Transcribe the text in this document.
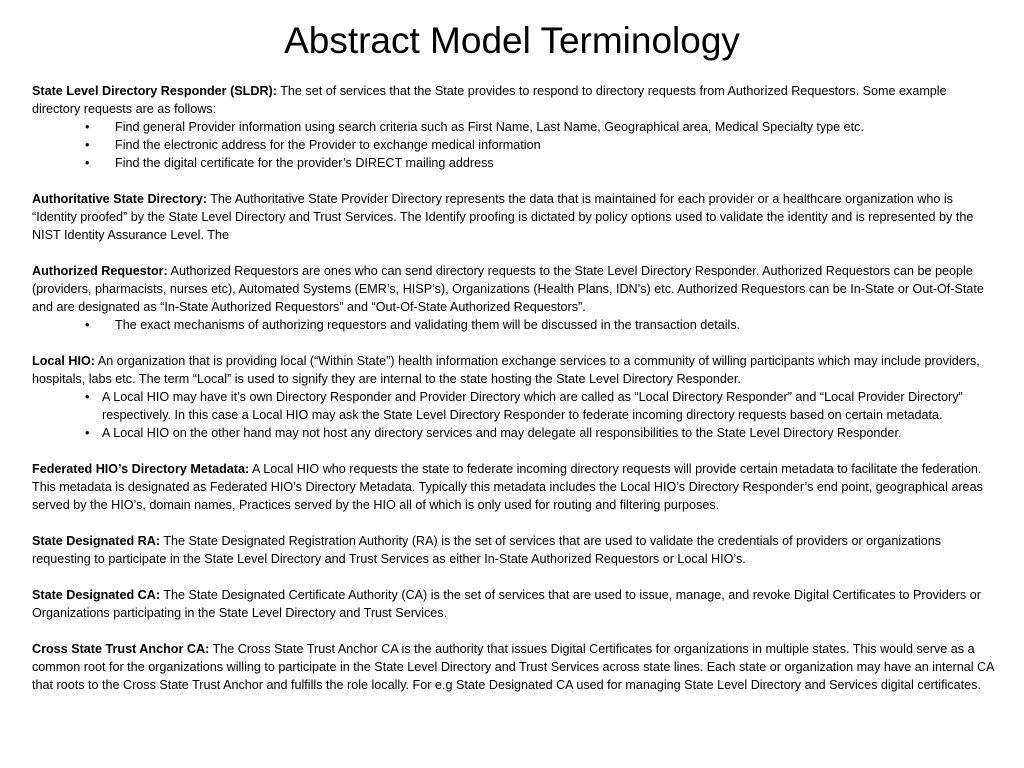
Abstract Model Terminology

State Level Directory Responder (SLDR): The set of services that the State provides to respond to directory requests from Authorized Requestors. Some example directory requests are as follows:

• Find general Provider information using search criteria such as First Name, Last Name, Geographical area, Medical Specialty type etc.
• Find the electronic address for the Provider to exchange medical information
• Find the digital certificate for the provider’s DIRECT mailing address

Authoritative State Directory: The Authoritative State Provider Directory represents the data that is maintained for each provider or a healthcare organization who is “Identity proofed” by the State Level Directory and Trust Services. The Identify proofing is dictated by policy options used to validate the identity and is represented by the NIST Identity Assurance Level. The

Authorized Requestor: Authorized Requestors are ones who can send directory requests to the State Level Directory Responder. Authorized Requestors can be people (providers, pharmacists, nurses etc), Automated Systems (EMR’s, HISP’s), Organizations (Health Plans, IDN’s) etc. Authorized Requestors can be In-State or Out-Of-State and are designated as “In-State Authorized Requestors” and “Out-Of-State Authorized Requestors”.

• The exact mechanisms of authorizing requestors and validating them will be discussed in the transaction details.

Local HIO: An organization that is providing local (“Within State”) health information exchange services to a community of willing participants which may include providers, hospitals, labs etc. The term “Local” is used to signify they are internal to the state hosting the State Level Directory Responder.

• A Local HIO may have it’s own Directory Responder and Provider Directory which are called as “Local Directory Responder” and “Local Provider Directory” respectively. In this case a Local HIO may ask the State Level Directory Responder to federate incoming directory requests based on certain metadata.
• A Local HIO on the other hand may not host any directory services and may delegate all responsibilities to the State Level Directory Responder.

Federated HIO’s Directory Metadata: A Local HIO who requests the state to federate incoming directory requests will provide certain metadata to facilitate the federation. This metadata is designated as Federated HIO’s Directory Metadata. Typically this metadata includes the Local HIO’s Directory Responder’s end point, geographical areas served by the HIO’s, domain names, Practices served by the HIO all of which is only used for routing and filtering purposes.

State Designated RA: The State Designated Registration Authority (RA) is the set of services that are used to validate the credentials of providers or organizations requesting to participate in the State Level Directory and Trust Services as either In-State Authorized Requestors or Local HIO’s.

State Designated CA: The State Designated Certificate Authority (CA) is the set of services that are used to issue, manage, and revoke Digital Certificates to Providers or Organizations participating in the State Level Directory and Trust Services.

Cross State Trust Anchor CA: The Cross State Trust Anchor CA is the authority that issues Digital Certificates for organizations in multiple states. This would serve as a common root for the organizations willing to participate in the State Level Directory and Trust Services across state lines. Each state or organization may have an internal CA that roots to the Cross State Trust Anchor and fulfills the role locally. For e.g State Designated CA used for managing State Level Directory and Services digital certificates.
